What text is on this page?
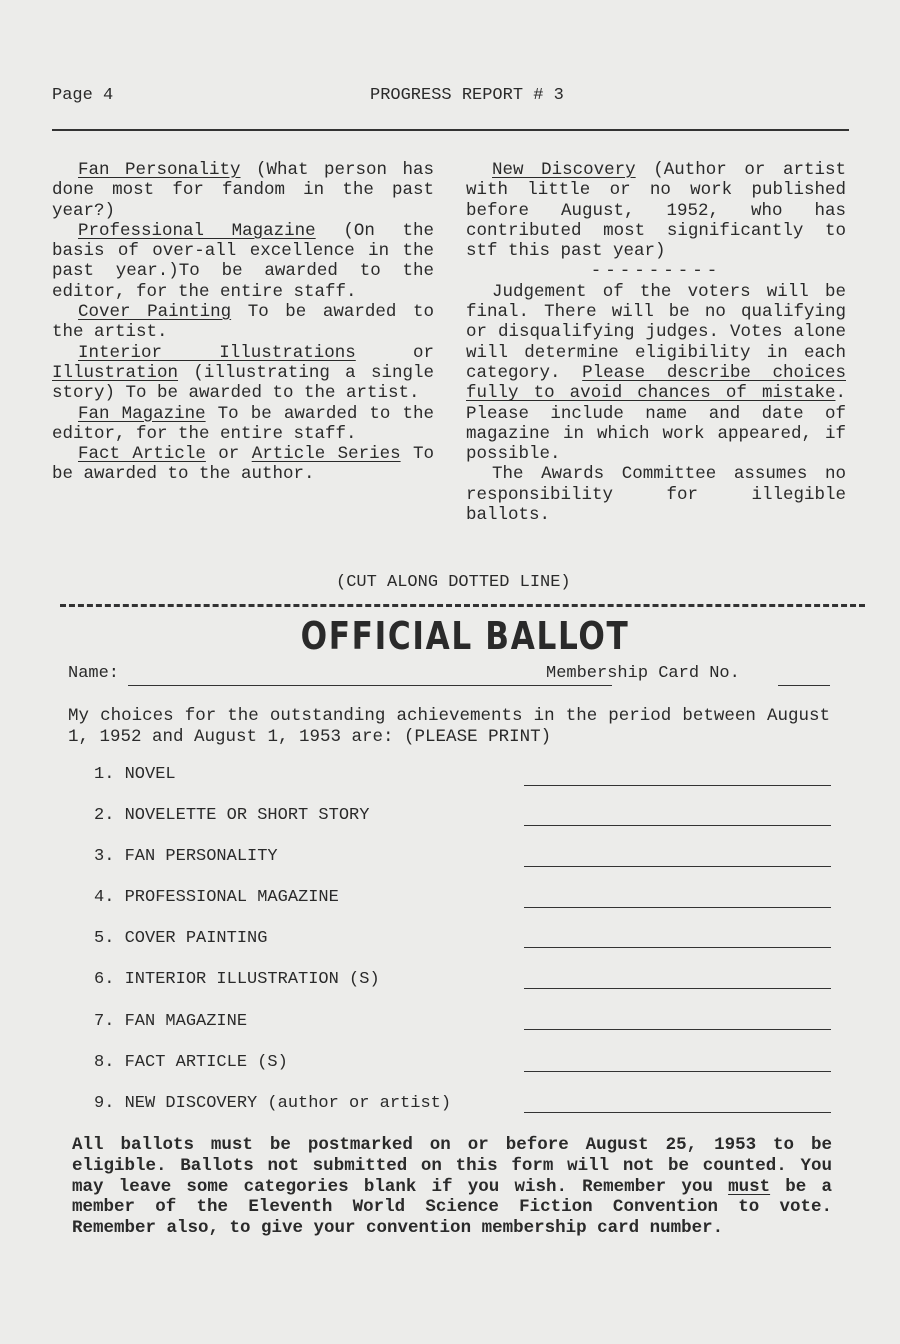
Page 4	PROGRESS REPORT # 3

Fan Personality (What person has done most for fandom in the past year?)

Professional Magazine (On the basis of over-all excellence in the past year.)To be awarded to the editor, for the entire staff.

Cover Painting To be awarded to the artist.

Interior Illustrations or Illustration (illustrating a single story) To be awarded to the artist.

Fan Magazine To be awarded to the editor, for the entire staff.

Fact Article or Article Series To be awarded to the author.

New Discovery (Author or artist with little or no work published before August, 1952, who has contributed most significantly to stf this past year)

---------

Judgement of the voters will be final. There will be no qualifying or disqualifying judges. Votes alone will determine eligibility in each category. Please describe choices fully to avoid chances of mistake. Please include name and date of magazine in which work appeared, if possible.

The Awards Committee assumes no responsibility for illegible ballots.

(CUT ALONG DOTTED LINE)
OFFICIAL BALLOT
Name:	Membership Card No.
My choices for the outstanding achievements in the period between August 1, 1952 and August 1, 1953 are: (PLEASE PRINT)
1. NOVEL
2. NOVELETTE OR SHORT STORY
3. FAN PERSONALITY
4. PROFESSIONAL MAGAZINE
5. COVER PAINTING
6. INTERIOR ILLUSTRATION (S)
7. FAN MAGAZINE
8. FACT ARTICLE (S)
9. NEW DISCOVERY (author or artist)
All ballots must be postmarked on or before August 25, 1953 to be eligible. Ballots not submitted on this form will not be counted. You may leave some categories blank if you wish. Remember you must be a member of the Eleventh World Science Fiction Convention to vote. Remember also, to give your convention membership card number.
